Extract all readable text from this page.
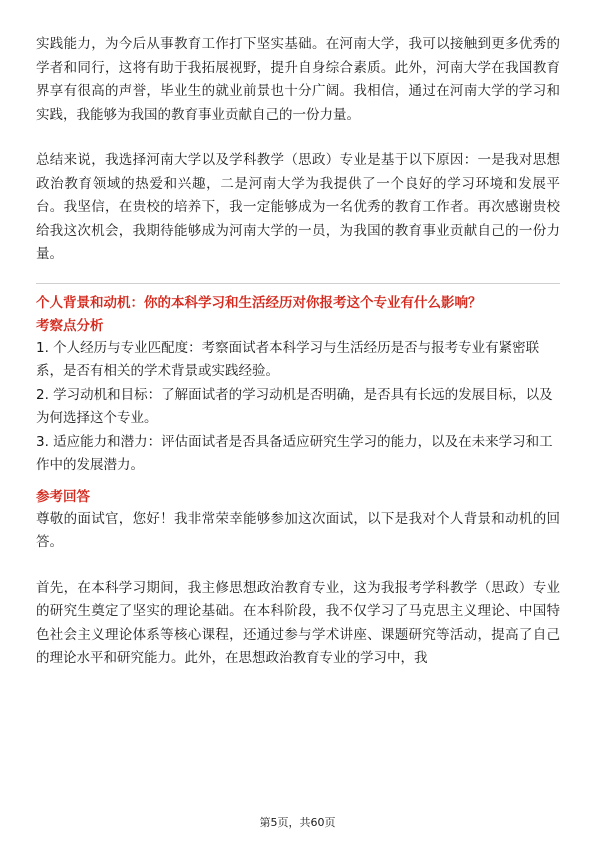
实践能力，为今后从事教育工作打下坚实基础。在河南大学，我可以接触到更多优秀的学者和同行，这将有助于我拓展视野，提升自身综合素质。此外，河南大学在我国教育界享有很高的声誉，毕业生的就业前景也十分广阔。我相信，通过在河南大学的学习和实践，我能够为我国的教育事业贡献自己的一份力量。

总结来说，我选择河南大学以及学科教学（思政）专业是基于以下原因：一是我对思想政治教育领域的热爱和兴趣，二是河南大学为我提供了一个良好的学习环境和发展平台。我坚信，在贵校的培养下，我一定能够成为一名优秀的教育工作者。再次感谢贵校给我这次机会，我期待能够成为河南大学的一员，为我国的教育事业贡献自己的一份力量。

个人背景和动机：你的本科学习和生活经历对你报考这个专业有什么影响？
考察点分析
1. 个人经历与专业匹配度：考察面试者本科学习与生活经历是否与报考专业有紧密联系，是否有相关的学术背景或实践经验。
2. 学习动机和目标：了解面试者的学习动机是否明确，是否具有长远的发展目标，以及为何选择这个专业。
3. 适应能力和潜力：评估面试者是否具备适应研究生学习的能力，以及在未来学习和工作中的发展潜力。
参考回答

尊敬的面试官，您好！我非常荣幸能够参加这次面试，以下是我对个人背景和动机的回答。

首先，在本科学习期间，我主修思想政治教育专业，这为我报考学科教学（思政）专业的研究生奠定了坚实的理论基础。在本科阶段，我不仅学习了马克思主义理论、中国特色社会主义理论体系等核心课程，还通过参与学术讲座、课题研究等活动，提高了自己的理论水平和研究能力。此外，在思想政治教育专业的学习中，我

第5页，共60页
